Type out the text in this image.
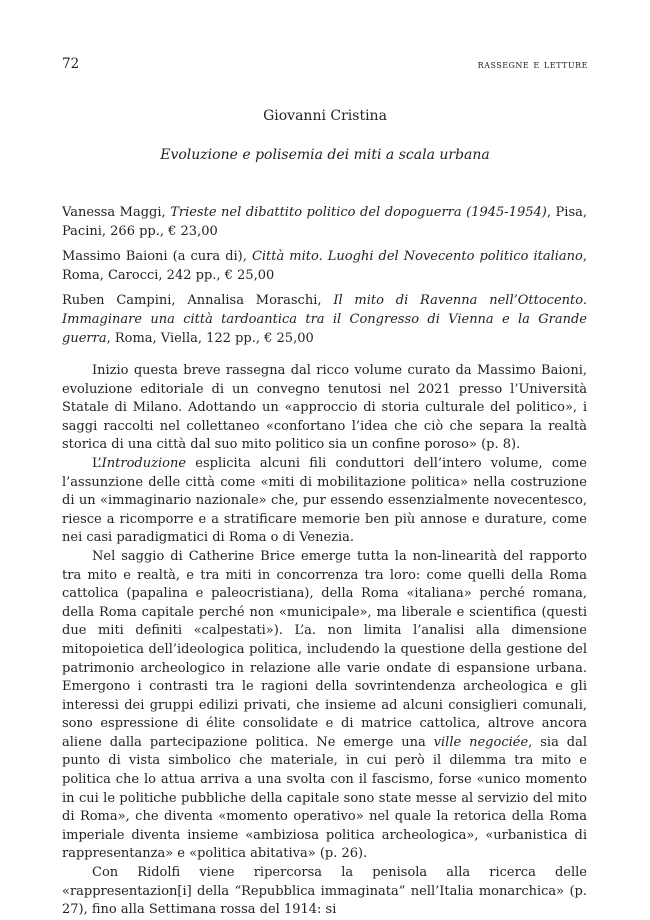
72	rassegne e letture
Giovanni Cristina
Evoluzione e polisemia dei miti a scala urbana

Vanessa Maggi, Trieste nel dibattito politico del dopoguerra (1945-1954), Pisa, Pacini, 266 pp., € 23,00

Massimo Baioni (a cura di), Città mito. Luoghi del Novecento politico italiano, Roma, Carocci, 242 pp., € 25,00

Ruben Campini, Annalisa Moraschi, Il mito di Ravenna nell’Ottocento. Immaginare una città tardoantica tra il Congresso di Vienna e la Grande guerra, Roma, Viella, 122 pp., € 25,00

Inizio questa breve rassegna dal ricco volume curato da Massimo Baioni, evoluzione editoriale di un convegno tenutosi nel 2021 presso l’Università Statale di Milano. Adottando un «approccio di storia culturale del politico», i saggi raccolti nel collettaneo «confortano l’idea che ciò che separa la realtà storica di una città dal suo mito politico sia un confine poroso» (p. 8).

L’Introduzione esplicita alcuni fili conduttori dell’intero volume, come l’assunzione delle città come «miti di mobilitazione politica» nella costruzione di un «immaginario nazionale» che, pur essendo essenzialmente novecentesco, riesce a ricomporre e a stratificare memorie ben più annose e durature, come nei casi paradigmatici di Roma o di Venezia.

Nel saggio di Catherine Brice emerge tutta la non-linearità del rapporto tra mito e realtà, e tra miti in concorrenza tra loro: come quelli della Roma cattolica (papalina e paleocristiana), della Roma «italiana» perché romana, della Roma capitale perché non «municipale», ma liberale e scientifica (questi due miti definiti «calpestati»). L’a. non limita l’analisi alla dimensione mitopoietica dell’ideologica politica, includendo la questione della gestione del patrimonio archeologico in relazione alle varie ondate di espansione urbana. Emergono i contrasti tra le ragioni della sovrintendenza archeologica e gli interessi dei gruppi edilizi privati, che insieme ad alcuni consiglieri comunali, sono espressione di élite consolidate e di matrice cattolica, altrove ancora aliene dalla partecipazione politica. Ne emerge una ville negociée, sia dal punto di vista simbolico che materiale, in cui però il dilemma tra mito e politica che lo attua arriva a una svolta con il fascismo, forse «unico momento in cui le politiche pubbliche della capitale sono state messe al servizio del mito di Roma», che diventa «momento operativo» nel quale la retorica della Roma imperiale diventa insieme «ambiziosa politica archeologica», «urbanistica di rappresentanza» e «politica abitativa» (p. 26).

Con Ridolfi viene ripercorsa la penisola alla ricerca delle «rappresentazion[i] della “Repubblica immaginata” nell’Italia monarchica» (p. 27), fino alla Settimana rossa del 1914: si
